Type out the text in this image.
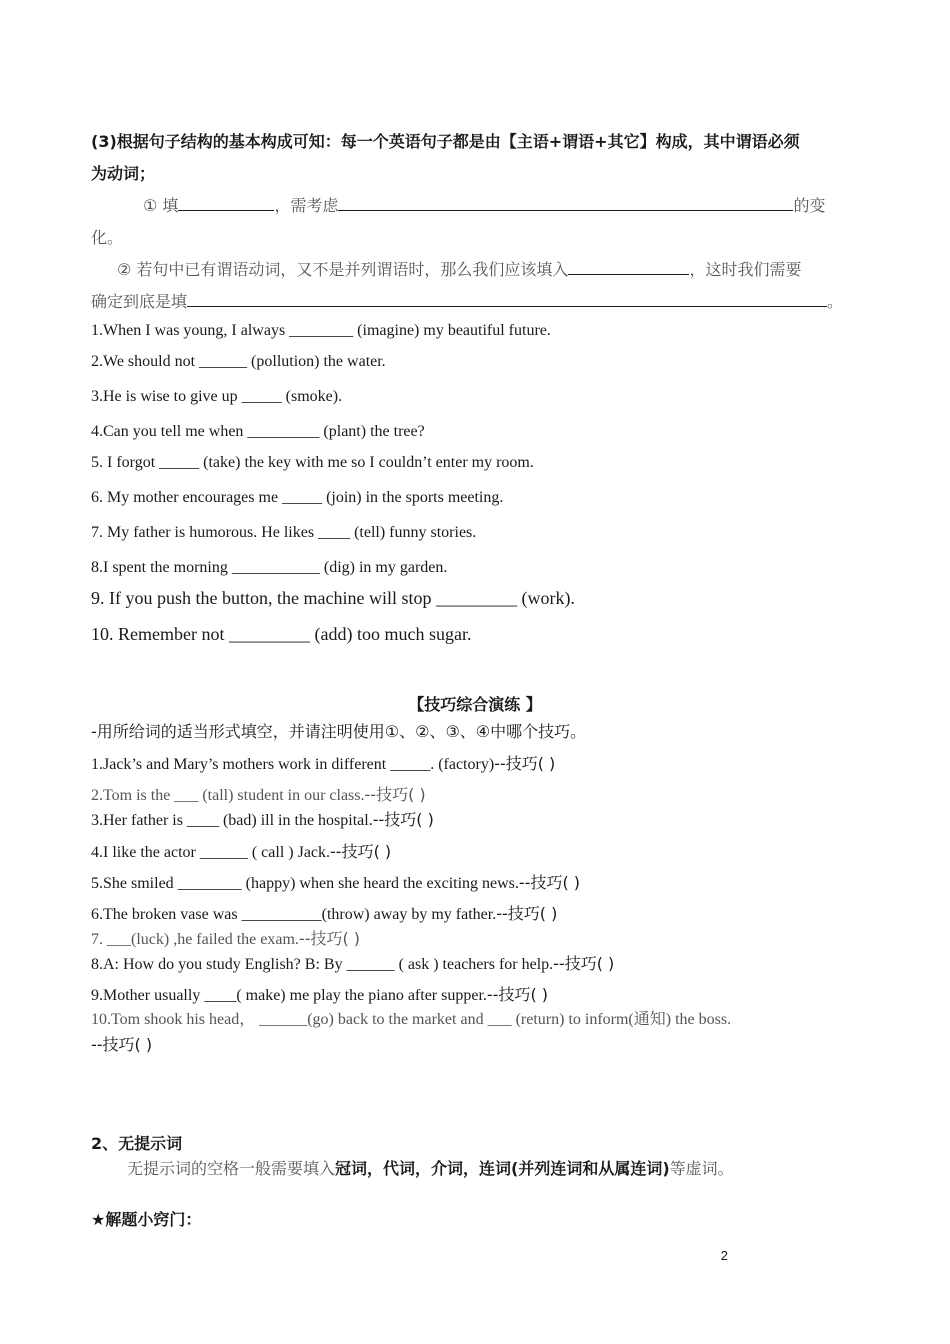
(3)根据句子结构的基本构成可知：每一个英语句子都是由【主语+谓语+其它】构成，其中谓语必须
为动词；
① 填	，需考虑	的变
化。
② 若句中已有谓语动词，又不是并列谓语时，那么我们应该填入	，这时我们需要
确定到底是填	。
1.When I was young, I always ________ (imagine) my beautiful future.
2.We should not ______ (pollution) the water.
3.He is wise to give up _____ (smoke).
4.Can you tell me when _________ (plant) the tree?
5. I forgot _____ (take) the key with me so I couldn’t enter my room.
6. My mother encourages me _____ (join) in the sports meeting.
7. My father is humorous. He likes ____ (tell) funny stories.
8.I spent the morning ___________ (dig) in my garden.
9. If you push the button, the machine will stop _________ (work).
10. Remember not _________ (add) too much sugar.
【技巧综合演练 】
-用所给词的适当形式填空，并请注明使用①、②、③、④中哪个技巧。
1.Jack’s and Mary’s mothers work in different _____. (factory)--技巧( )
2.Tom is the ___ (tall) student in our class.--技巧( )
3.Her father is ____ (bad) ill in the hospital.--技巧( )
4.I like the actor ______ ( call ) Jack.--技巧( )
5.She smiled ________ (happy) when she heard the exciting news.--技巧( )
6.The broken vase was __________(throw) away by my father.--技巧( )
7. ___(luck) ,he failed the exam.--技巧( )
8.A: How do you study English? B: By ______ ( ask ) teachers for help.--技巧( )
9.Mother usually ____( make) me play the piano after supper.--技巧( )
10.Tom shook his head， ______(go) back to the market and ___ (return) to inform(通知) the boss.
--技巧( )
2、无提示词
无提示词的空格一般需要填入冠词，代词，介词，连词(并列连词和从属连词)等虚词。
★解题小窍门：
2
